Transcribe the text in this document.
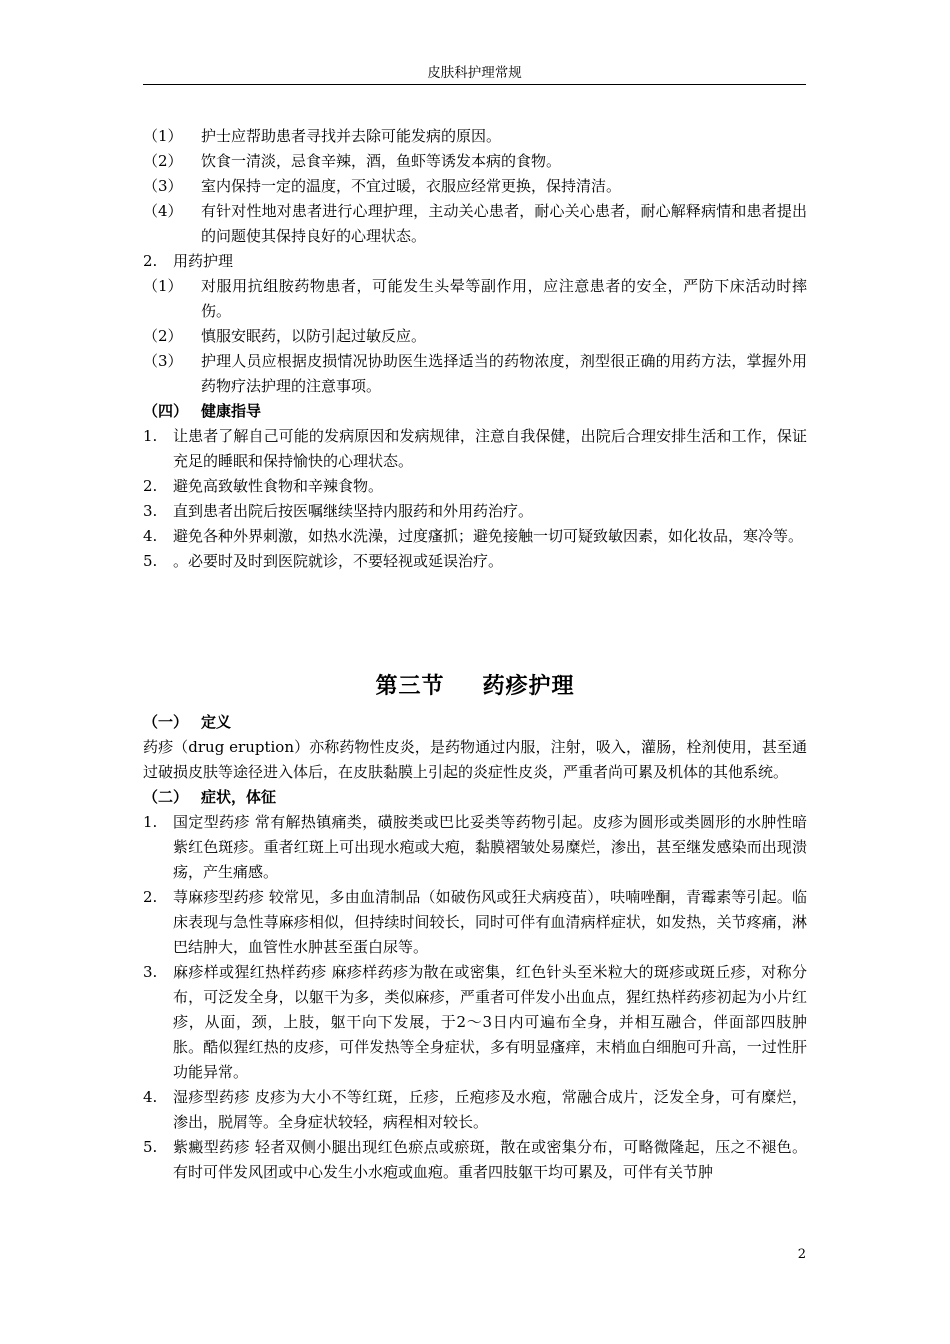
皮肤科护理常规
（1）	护士应帮助患者寻找并去除可能发病的原因。
（2）	饮食一清淡，忌食辛辣，酒，鱼虾等诱发本病的食物。
（3）	室内保持一定的温度，不宜过暖，衣服应经常更换，保持清洁。
（4）	有针对性地对患者进行心理护理，主动关心患者，耐心关心患者，耐心解释病情和患者提出的问题使其保持良好的心理状态。
2.	用药护理
（1）	对服用抗组胺药物患者，可能发生头晕等副作用，应注意患者的安全，严防下床活动时摔伤。
（2）	慎服安眠药，以防引起过敏反应。
（3）	护理人员应根据皮损情况协助医生选择适当的药物浓度，剂型很正确的用药方法，掌握外用药物疗法护理的注意事项。
（四） 健康指导
1.	让患者了解自己可能的发病原因和发病规律，注意自我保健，出院后合理安排生活和工作，保证充足的睡眠和保持愉快的心理状态。
2.	避免高致敏性食物和辛辣食物。
3.	直到患者出院后按医嘱继续坚持内服药和外用药治疗。
4.	避免各种外界刺激，如热水洗澡，过度瘙抓；避免接触一切可疑致敏因素，如化妆品，寒冷等。
5.	。必要时及时到医院就诊，不要轻视或延误治疗。
第三节 药疹护理
（一） 定义
药疹（drug eruption）亦称药物性皮炎，是药物通过内服，注射，吸入，灌肠，栓剂使用，甚至通过破损皮肤等途径进入体后，在皮肤黏膜上引起的炎症性皮炎，严重者尚可累及机体的其他系统。
（二） 症状，体征
1.	国定型药疹 常有解热镇痛类，磺胺类或巴比妥类等药物引起。皮疹为圆形或类圆形的水肿性暗紫红色斑疹。重者红斑上可出现水疱或大疱，黏膜褶皱处易糜烂，渗出，甚至继发感染而出现溃疡，产生痛感。
2.	荨麻疹型药疹 较常见，多由血清制品（如破伤风或狂犬病疫苗），呋喃唑酮，青霉素等引起。临床表现与急性荨麻疹相似，但持续时间较长，同时可伴有血清病样症状，如发热，关节疼痛，淋巴结肿大，血管性水肿甚至蛋白尿等。
3.	麻疹样或猩红热样药疹 麻疹样药疹为散在或密集，红色针头至米粒大的斑疹或斑丘疹，对称分布，可泛发全身，以躯干为多，类似麻疹，严重者可伴发小出血点，猩红热样药疹初起为小片红疹，从面，颈，上肢，躯干向下发展，于2～3日内可遍布全身，并相互融合，伴面部四肢肿胀。酷似猩红热的皮疹，可伴发热等全身症状，多有明显瘙痒，末梢血白细胞可升高，一过性肝功能异常。
4.	湿疹型药疹 皮疹为大小不等红斑，丘疹，丘疱疹及水疱，常融合成片，泛发全身，可有糜烂，渗出，脱屑等。全身症状较轻，病程相对较长。
5.	紫癜型药疹 轻者双侧小腿出现红色瘀点或瘀斑，散在或密集分布，可略微隆起，压之不褪色。有时可伴发风团或中心发生小水疱或血疱。重者四肢躯干均可累及，可伴有关节肿
2
